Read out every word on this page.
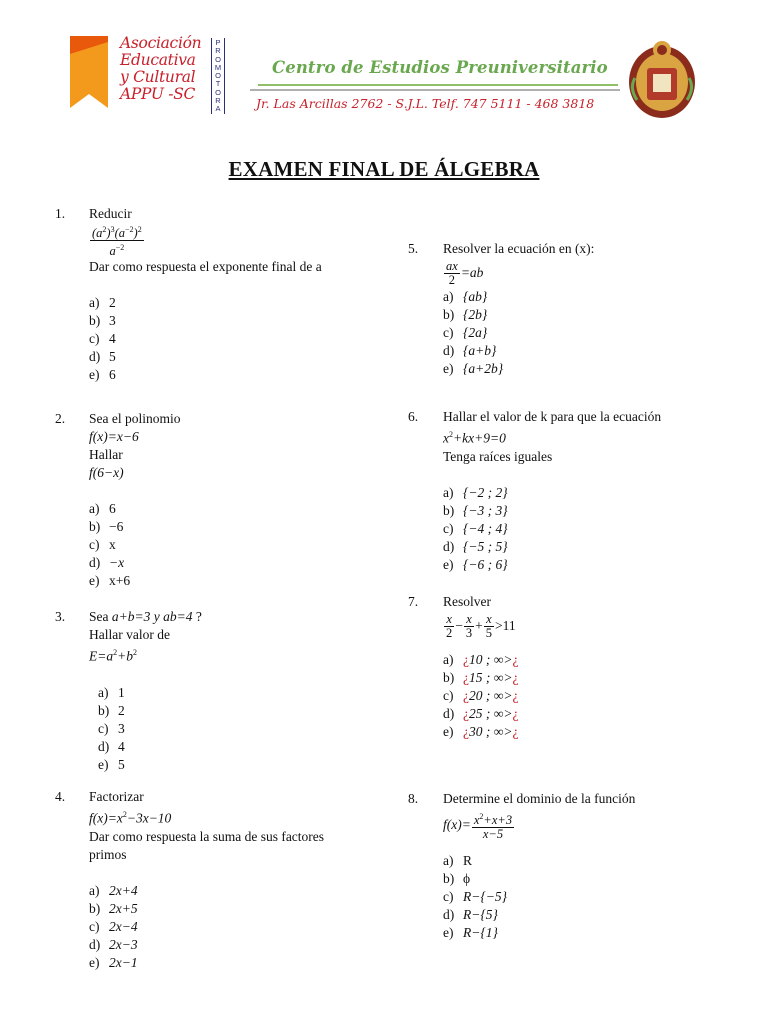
Asociación
Educativa
y Cultural
APPU -SC
P
R
O
M
O
T
O
R
A
Centro de Estudios Preuniversitario
Jr. Las Arcillas 2762 - S.J.L. Telf. 747 5111 - 468 3818
EXAMEN FINAL DE ÁLGEBRA
1. Reducir
$\frac{(a^2)^3(a^{-2})^2}{a^{-2}}$
Dar como respuesta el exponente final de a
a) 2
b) 3
c) 4
d) 5
e) 6
2. Sea el polinomio
f(x)=x−6
Hallar
f(6−x)
a) 6
b) −6
c) x
d) −x
e) x+6
3. Sea a+b=3 y ab=4 ?
Hallar valor de
$E=a^2+b^2$
a) 1
b) 2
c) 3
d) 4
e) 5
4. Factorizar
$f(x)=x^2-3x-10$
Dar como respuesta la suma de sus factores
primos
a) 2x+4
b) 2x+5
c) 2x−4
d) 2x−3
e) 2x−1
5. Resolver la ecuación en (x):
$\frac{ax}{2} =ab$
a) {ab}
b) {2b}
c) {2a}
d) {a+b}
e) {a+2b}
6. Hallar el valor de k para que la ecuación
$x^2+kx+9=0$
Tenga raíces iguales
a) {−2 ; 2}
b) {−3 ; 3}
c) {−4 ; 4}
d) {−5 ; 5}
e) {−6 ; 6}
7. Resolver
$\frac{x}{2} - \frac{x}{3} + \frac{x}{5} >11$
a) ¿10 ; ∞>¿
b) ¿15 ; ∞>¿
c) ¿20 ; ∞>¿
d) ¿25 ; ∞>¿
e) ¿30 ; ∞>¿
8. Determine el dominio de la función
$f(x)= \frac{x^2+x+3}{x-5}$
a) R
b) ϕ
c) R−{−5}
d) R−{5}
e) R−{1}
